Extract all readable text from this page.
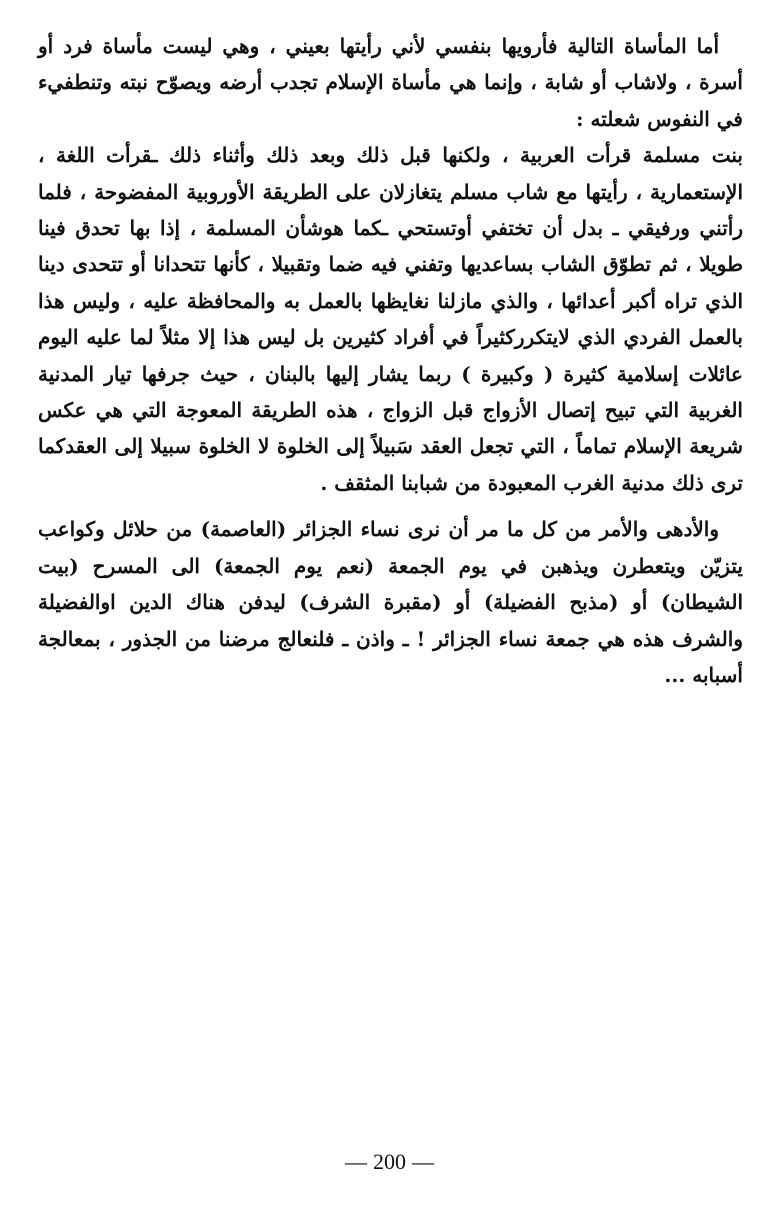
أما المأساة التالية فأرويها بنفسي لأني رأيتها بعيني ، وهي ليست مأساة فرد أو أسرة ، ولاشاب أو شابة ، وإنما هي مأساة الإسلام تجدب أرضه ويصوّح نبته وتنطفيء في النفوس شعلته :

بنت مسلمة قرأت العربية ، ولكنها قبل ذلك وبعد ذلك وأثناء ذلك ـقرأت اللغة ، الإستعمارية ، رأيتها مع شاب مسلم يتغازلان على الطريقة الأوروبية المفضوحة ، فلما رأتني ورفيقي ـ بدل أن تختفي أوتستحي ـكما هوشأن المسلمة ، إذا بها تحدق فينا طويلا ، ثم تطوّق الشاب بساعديها وتفني فيه ضما وتقبيلا ، كأنها تتحدانا أو تتحدى دينا الذي تراه أكبر أعدائها ، والذي مازلنا نغايظها بالعمل به والمحافظة عليه ، وليس هذا بالعمل الفردي الذي لايتكرركثيراً في أفراد كثيرين بل ليس هذا إلا مثلاً لما عليه اليوم عائلات إسلامية كثيرة ( وكبيرة ) ربما يشار إليها بالبنان ، حيث جرفها تيار المدنية الغربية التي تبيح إتصال الأزواج قبل الزواج ، هذه الطريقة المعوجة التي هي عكس شريعة الإسلام تماماً ، التي تجعل العقد سَبيلاً إلى الخلوة لا الخلوة سبيلا إلى العقدكما ترى ذلك مدنية الغرب المعبودة من شبابنا المثقف .

والأدهى والأمر من كل ما مر أن نرى نساء الجزائر (العاصمة) من حلائل وكواعب يتزيّن ويتعطرن ويذهبن في يوم الجمعة (نعم يوم الجمعة) الى المسرح (بيت الشيطان) أو (مذبح الفضيلة) أو (مقبرة الشرف) ليدفن هناك الدين اوالفضيلة والشرف هذه هي جمعة نساء الجزائر ! ـ واذن ـ فلنعالج مرضنا من الجذور ، بمعالجة أسبابه ...

— 200 —
